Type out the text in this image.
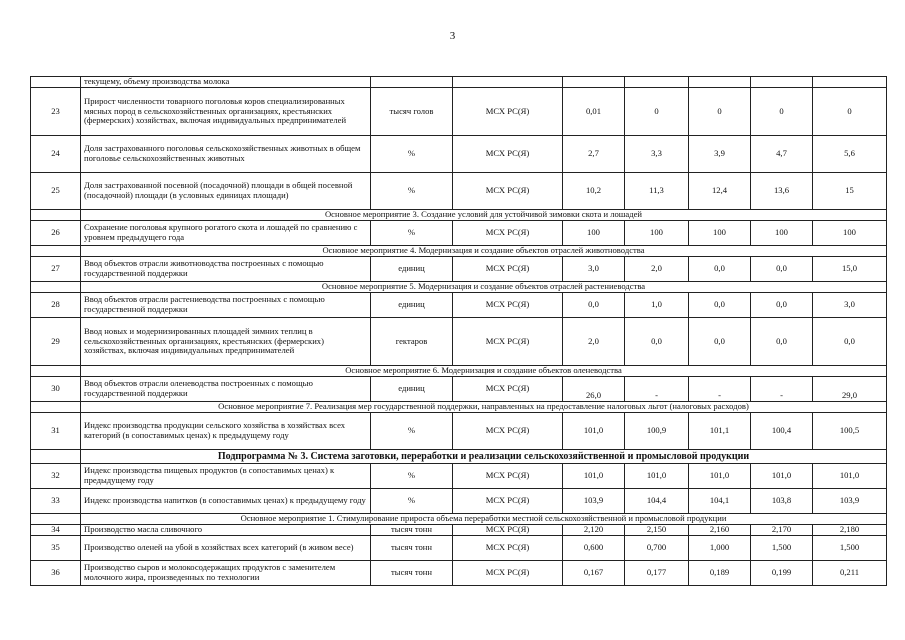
3
	текущему, объему производства молока							
23	Прирост численности товарного поголовья коров специализированных мясных пород в сельскохозяйственных организациях, крестьянских (фермерских) хозяйствах, включая индивидуальных предпринимателей	тысяч голов	МСХ РС(Я)	0,01	0	0	0	0
24	Доля застрахованного поголовья сельскохозяйственных животных в общем поголовье сельскохозяйственных животных	%	МСХ РС(Я)	2,7	3,3	3,9	4,7	5,6
25	Доля застрахованной посевной (посадочной) площади в общей посевной (посадочной) площади (в условных единицах площади)	%	МСХ РС(Я)	10,2	11,3	12,4	13,6	15
	Основное мероприятие 3. Создание условий для устойчивой зимовки скота и лошадей							
26	Сохранение поголовья крупного рогатого скота и лошадей по сравнению с уровнем предыдущего года	%	МСХ РС(Я)	100	100	100	100	100
	Основное мероприятие 4. Модернизация и создание объектов отраслей животноводства							
27	Ввод объектов отрасли животноводства построенных с помощью государственной поддержки	единиц	МСХ РС(Я)	3,0	2,0	0,0	0,0	15,0
	Основное мероприятие 5. Модернизация и создание объектов отраслей растениеводства							
28	Ввод объектов отрасли растениеводства построенных с помощью государственной поддержки	единиц	МСХ РС(Я)	0,0	1,0	0,0	0,0	3,0
29	Ввод новых и модернизированных площадей зимних теплиц в сельскохозяйственных организациях, крестьянских (фермерских) хозяйствах, включая индивидуальных предпринимателей	гектаров	МСХ РС(Я)	2,0	0,0	0,0	0,0	0,0
	Основное мероприятие 6. Модернизация и создание объектов оленеводства							
30	Ввод объектов отрасли оленеводства построенных с помощью государственной поддержки	единиц	МСХ РС(Я)	26,0	-	-	-	29,0
	Основное мероприятие 7. Реализация мер государственной поддержки, направленных на предоставление налоговых льгот (налоговых расходов)							
31	Индекс производства продукции сельского хозяйства в хозяйствах всех категорий (в сопоставимых ценах) к предыдущему году	%	МСХ РС(Я)	101,0	100,9	101,1	100,4	100,5
	Подпрограмма № 3. Система заготовки, переработки и реализации сельскохозяйственной и промысловой продукции							
32	Индекс производства пищевых продуктов (в сопоставимых ценах) к предыдущему году	%	МСХ РС(Я)	101,0	101,0	101,0	101,0	101,0
33	Индекс производства напитков (в сопоставимых ценах) к предыдущему году	%	МСХ РС(Я)	103,9	104,4	104,1	103,8	103,9
	Основное мероприятие 1. Стимулирование прироста объема переработки местной сельскохозяйственной и промысловой продукции							
34	Производство масла сливочного	тысяч тонн	МСХ РС(Я)	2,120	2,150	2,160	2,170	2,180
35	Производство оленей на убой в хозяйствах всех категорий (в живом весе)	тысяч тонн	МСХ РС(Я)	0,600	0,700	1,000	1,500	1,500
36	Производство сыров и молокосодержащих продуктов с заменителем молочного жира, произведенных по технологии	тысяч тонн	МСХ РС(Я)	0,167	0,177	0,189	0,199	0,211
